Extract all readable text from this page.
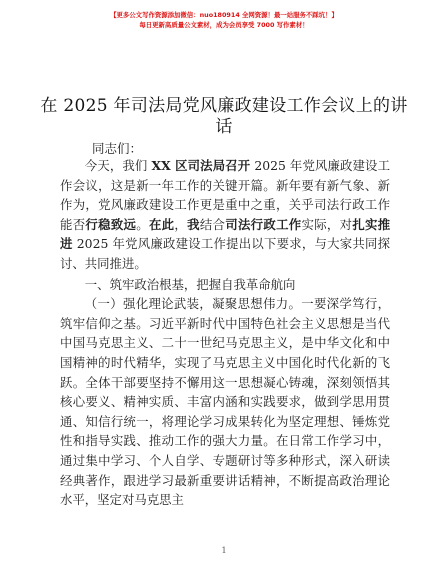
【更多公文写作资源添加微信：nuo180914 全网资源！最一站服务不踩坑！】
每日更新高质量公文素材，成为会员享受 7000 写作素材！
在 2025 年司法局党风廉政建设工作会议上的讲
话
同志们：

今天，我们 XX 区司法局召开 2025 年党风廉政建设工作会议，这是新一年工作的关键开篇。新年要有新气象、新作为，党风廉政建设工作更是重中之重，关乎司法行政工作能否行稳致远。在此，我结合司法行政工作实际，对扎实推进 2025 年党风廉政建设工作提出以下要求，与大家共同探讨、共同推进。

一、筑牢政治根基，把握自我革命航向

（一）强化理论武装，凝聚思想伟力。一要深学笃行，筑牢信仰之基。习近平新时代中国特色社会主义思想是当代中国马克思主义、二十一世纪马克思主义，是中华文化和中国精神的时代精华，实现了马克思主义中国化时代化新的飞跃。全体干部要坚持不懈用这一思想凝心铸魂，深刻领悟其核心要义、精神实质、丰富内涵和实践要求，做到学思用贯通、知信行统一，将理论学习成果转化为坚定理想、锤炼党性和指导实践、推动工作的强大力量。在日常工作学习中，通过集中学习、个人自学、专题研讨等多种形式，深入研读经典著作，跟进学习最新重要讲话精神，不断提高政治理论水平，坚定对马克思主

1
